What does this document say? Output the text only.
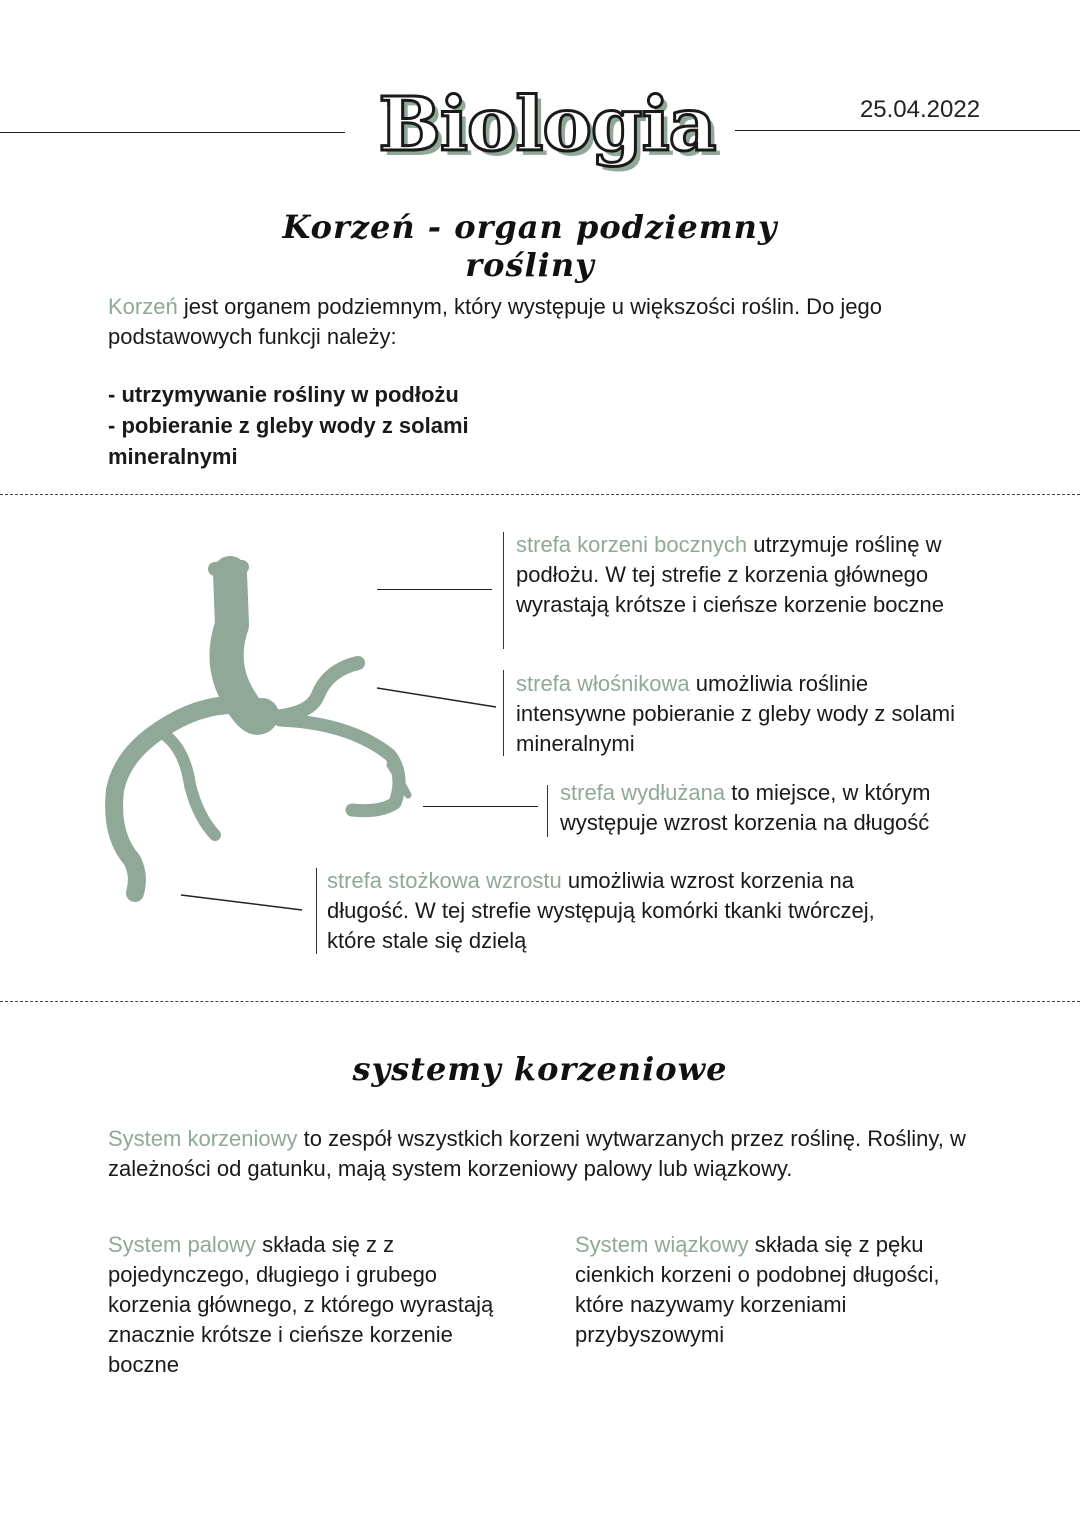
Biologia	25.04.2022
Korzeń - organ podziemny rośliny
Korzeń jest organem podziemnym, który występuje u większości roślin. Do jego podstawowych funkcji należy:
- utrzymywanie rośliny w podłożu
- pobieranie z gleby wody z solami
mineralnymi
strefa korzeni bocznych utrzymuje roślinę w podłożu. W tej strefie z korzenia głównego wyrastają krótsze i cieńsze korzenie boczne
strefa włośnikowa umożliwia roślinie intensywne pobieranie z gleby wody z solami mineralnymi
strefa wydłużana to miejsce, w którym występuje wzrost korzenia na długość
strefa stożkowa wzrostu umożliwia wzrost korzenia na długość. W tej strefie występują komórki tkanki twórczej, które stale się dzielą
systemy korzeniowe
System korzeniowy to zespół wszystkich korzeni wytwarzanych przez roślinę. Rośliny, w zależności od gatunku, mają system korzeniowy palowy lub wiązkowy.
System palowy składa się z z pojedynczego, długiego i grubego korzenia głównego, z którego wyrastają znacznie krótsze i cieńsze korzenie boczne
System wiązkowy składa się z pęku cienkich korzeni o podobnej długości, które nazywamy korzeniami przybyszowymi
